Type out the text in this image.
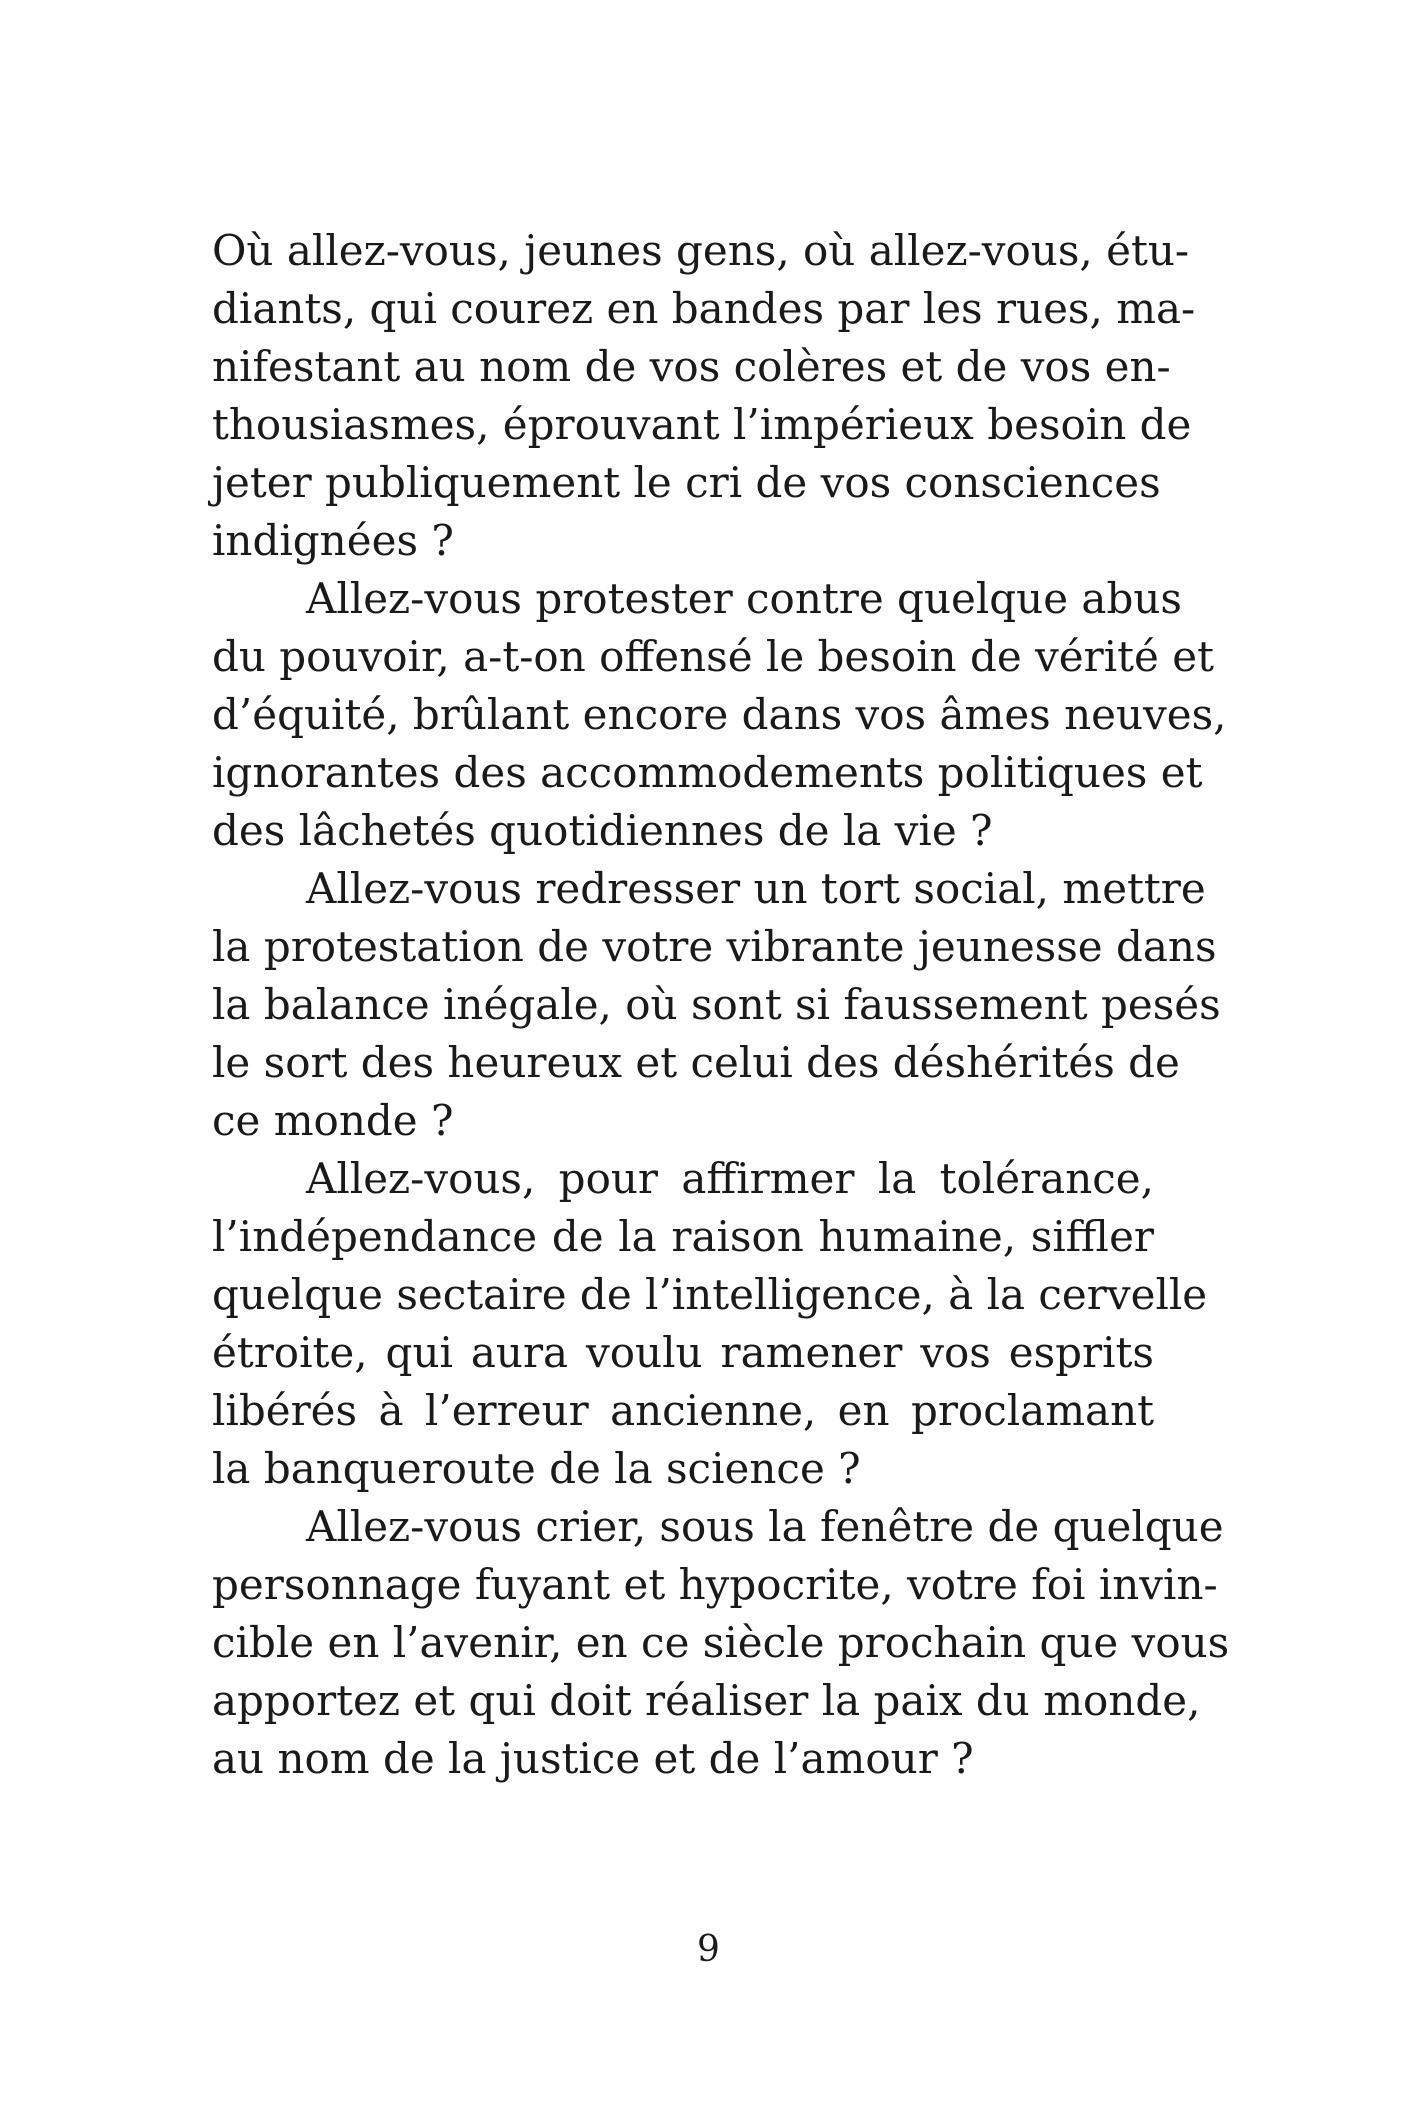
Où allez-vous, jeunes gens, où allez-vous, étu-
diants, qui courez en bandes par les rues, ma-
nifestant au nom de vos colères et de vos en-
thousiasmes, éprouvant l’impérieux besoin de
jeter publiquement le cri de vos consciences
indignées ?
Allez-vous protester contre quelque abus
du pouvoir, a-t-on offensé le besoin de vérité et
d’équité, brûlant encore dans vos âmes neuves,
ignorantes des accommodements politiques et
des lâchetés quotidiennes de la vie ?
Allez-vous redresser un tort social, mettre
la protestation de votre vibrante jeunesse dans
la balance inégale, où sont si faussement pesés
le sort des heureux et celui des déshérités de
ce monde ?
Allez-vous, pour affirmer la tolérance,
l’indépendance de la raison humaine, siffler
quelque sectaire de l’intelligence, à la cervelle
étroite, qui aura voulu ramener vos esprits
libérés à l’erreur ancienne, en proclamant
la banqueroute de la science ?
Allez-vous crier, sous la fenêtre de quelque
personnage fuyant et hypocrite, votre foi invin-
cible en l’avenir, en ce siècle prochain que vous
apportez et qui doit réaliser la paix du monde,
au nom de la justice et de l’amour ?
9
